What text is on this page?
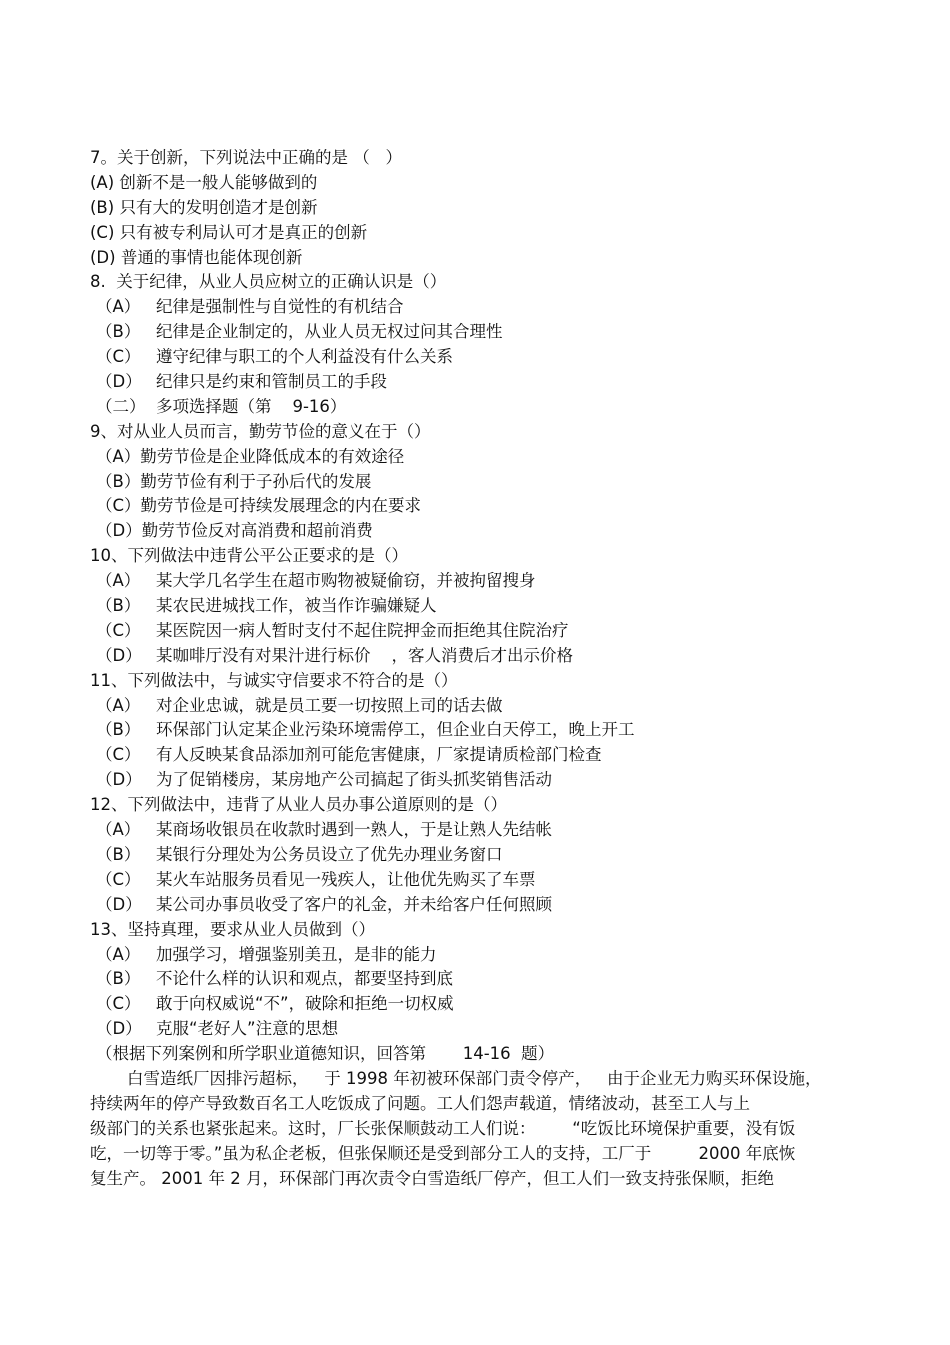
7。关于创新，下列说法中正确的是 （   ）
(A) 创新不是一般人能够做到的
(B) 只有大的发明创造才是创新
(C) 只有被专利局认可才是真正的创新
(D) 普通的事情也能体现创新
8.  关于纪律，从业人员应树立的正确认识是（）
（A） 纪律是强制性与自觉性的有机结合
（B） 纪律是企业制定的，从业人员无权过问其合理性
（C） 遵守纪律与职工的个人利益没有什么关系
（D） 纪律只是约束和管制员工的手段
（二） 多项选择题（第    9-16）
9、对从业人员而言，勤劳节俭的意义在于（）
（A）勤劳节俭是企业降低成本的有效途径
（B）勤劳节俭有利于子孙后代的发展
（C）勤劳节俭是可持续发展理念的内在要求
（D）勤劳节俭反对高消费和超前消费
10、下列做法中违背公平公正要求的是（）
（A） 某大学几名学生在超市购物被疑偷窃，并被拘留搜身
（B） 某农民进城找工作，被当作诈骗嫌疑人
（C） 某医院因一病人暂时支付不起住院押金而拒绝其住院治疗
（D） 某咖啡厅没有对果汁进行标价    ，客人消费后才出示价格
11、下列做法中，与诚实守信要求不符合的是（）
（A） 对企业忠诚，就是员工要一切按照上司的话去做
（B） 环保部门认定某企业污染环境需停工，但企业白天停工，晚上开工
（C） 有人反映某食品添加剂可能危害健康，厂家提请质检部门检查
（D） 为了促销楼房，某房地产公司搞起了街头抓奖销售活动
12、下列做法中，违背了从业人员办事公道原则的是（）
（A） 某商场收银员在收款时遇到一熟人，于是让熟人先结帐
（B） 某银行分理处为公务员设立了优先办理业务窗口
（C） 某火车站服务员看见一残疾人，让他优先购买了车票
（D） 某公司办事员收受了客户的礼金，并未给客户任何照顾
13、坚持真理，要求从业人员做到（）
（A） 加强学习，增强鉴别美丑，是非的能力
（B） 不论什么样的认识和观点，都要坚持到底
（C） 敢于向权威说“不”，破除和拒绝一切权威
（D） 克服“老好人”注意的思想
（根据下列案例和所学职业道德知识，回答第       14-16  题）
白雪造纸厂因排污超标，   于 1998 年初被环保部门责令停产，   由于企业无力购买环保设施，
持续两年的停产导致数百名工人吃饭成了问题。工人们怨声载道，情绪波动，甚至工人与上
级部门的关系也紧张起来。这时，厂长张保顺鼓动工人们说：       “吃饭比环境保护重要，没有饭
吃，一切等于零。”虽为私企老板，但张保顺还是受到部分工人的支持，工厂于         2000 年底恢
复生产。 2001 年 2 月，环保部门再次责令白雪造纸厂停产，但工人们一致支持张保顺，拒绝
